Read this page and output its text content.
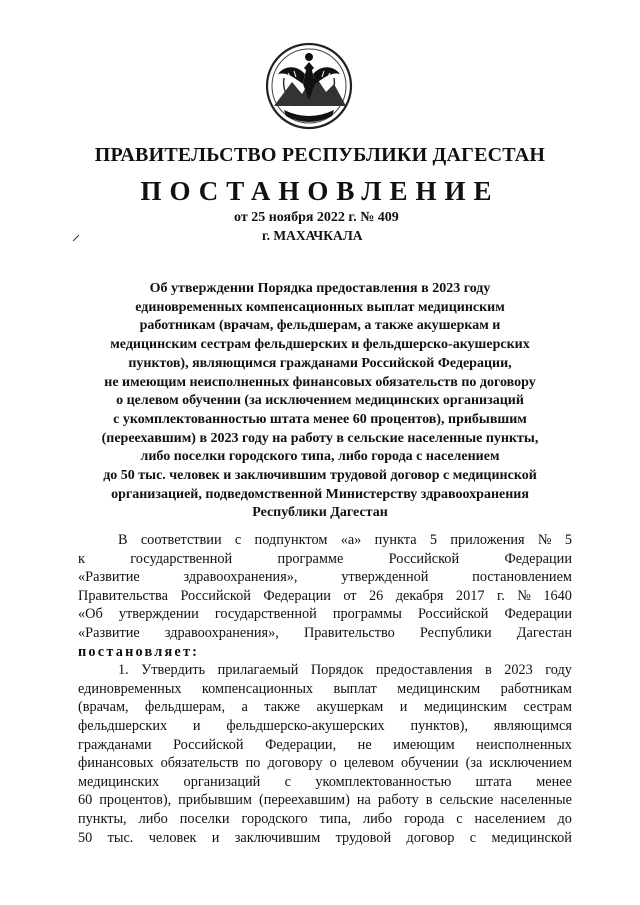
ПРАВИТЕЛЬСТВО РЕСПУБЛИКИ ДАГЕСТАН
ПОСТАНОВЛЕНИЕ
от 25 ноября 2022 г. № 409
г. МАХАЧКАЛА
Об утверждении Порядка предоставления в 2023 году
единовременных компенсационных выплат медицинским
работникам (врачам, фельдшерам, а также акушеркам и
медицинским сестрам фельдшерских и фельдшерско-акушерских
пунктов), являющимся гражданами Российской Федерации,
не имеющим неисполненных финансовых обязательств по договору
о целевом обучении (за исключением медицинских организаций
с укомплектованностью штата менее 60 процентов), прибывшим
(переехавшим) в 2023 году на работу в сельские населенные пункты,
либо поселки городского типа, либо города с населением
до 50 тыс. человек и заключившим трудовой договор с медицинской
организацией, подведомственной Министерству здравоохранения
Республики Дагестан
В соответствии с подпунктом «а» пункта 5 приложения № 5
к	государственной	программе	Российской	Федерации
«Развитие	здравоохранения»,	утвержденной	постановлением
Правительства Российской Федерации от 26 декабря 2017 г. № 1640
«Об утверждении государственной программы Российской Федерации
«Развитие здравоохранения», Правительство Республики Дагестан
постановляет:
1. Утвердить прилагаемый Порядок предоставления в 2023 году
единовременных компенсационных выплат медицинским работникам
(врачам, фельдшерам, а также акушеркам и медицинским сестрам
фельдшерских и фельдшерско-акушерских пунктов), являющимся
гражданами Российской Федерации, не имеющим неисполненных
финансовых обязательств по договору о целевом обучении (за исключением
медицинских организаций с укомплектованностью штата менее
60 процентов), прибывшим (переехавшим) на работу в сельские населенные
пункты, либо поселки городского типа, либо города с населением до
50 тыс. человек и заключившим трудовой договор с медицинской
